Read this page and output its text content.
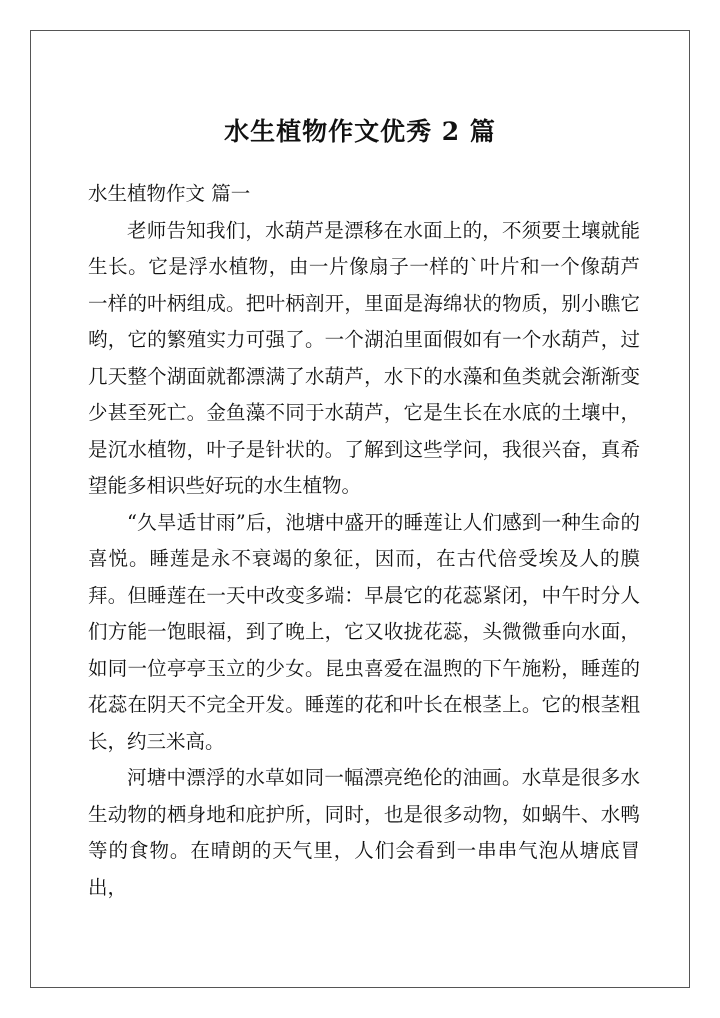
水生植物作文优秀 2 篇
水生植物作文 篇一

老师告知我们，水葫芦是漂移在水面上的，不须要土壤就能生长。它是浮水植物，由一片像扇子一样的`叶片和一个像葫芦一样的叶柄组成。把叶柄剖开，里面是海绵状的物质，别小瞧它哟，它的繁殖实力可强了。一个湖泊里面假如有一个水葫芦，过几天整个湖面就都漂满了水葫芦，水下的水藻和鱼类就会渐渐变少甚至死亡。金鱼藻不同于水葫芦，它是生长在水底的土壤中，是沉水植物，叶子是针状的。了解到这些学问，我很兴奋，真希望能多相识些好玩的水生植物。

“久旱适甘雨”后，池塘中盛开的睡莲让人们感到一种生命的喜悦。睡莲是永不衰竭的象征，因而，在古代倍受埃及人的膜拜。但睡莲在一天中改变多端：早晨它的花蕊紧闭，中午时分人们方能一饱眼福，到了晚上，它又收拢花蕊，头微微垂向水面，如同一位亭亭玉立的少女。昆虫喜爱在温煦的下午施粉，睡莲的花蕊在阴天不完全开发。睡莲的花和叶长在根茎上。它的根茎粗长，约三米高。

河塘中漂浮的水草如同一幅漂亮绝伦的油画。水草是很多水生动物的栖身地和庇护所，同时，也是很多动物，如蜗牛、水鸭等的食物。在晴朗的天气里，人们会看到一串串气泡从塘底冒出，
